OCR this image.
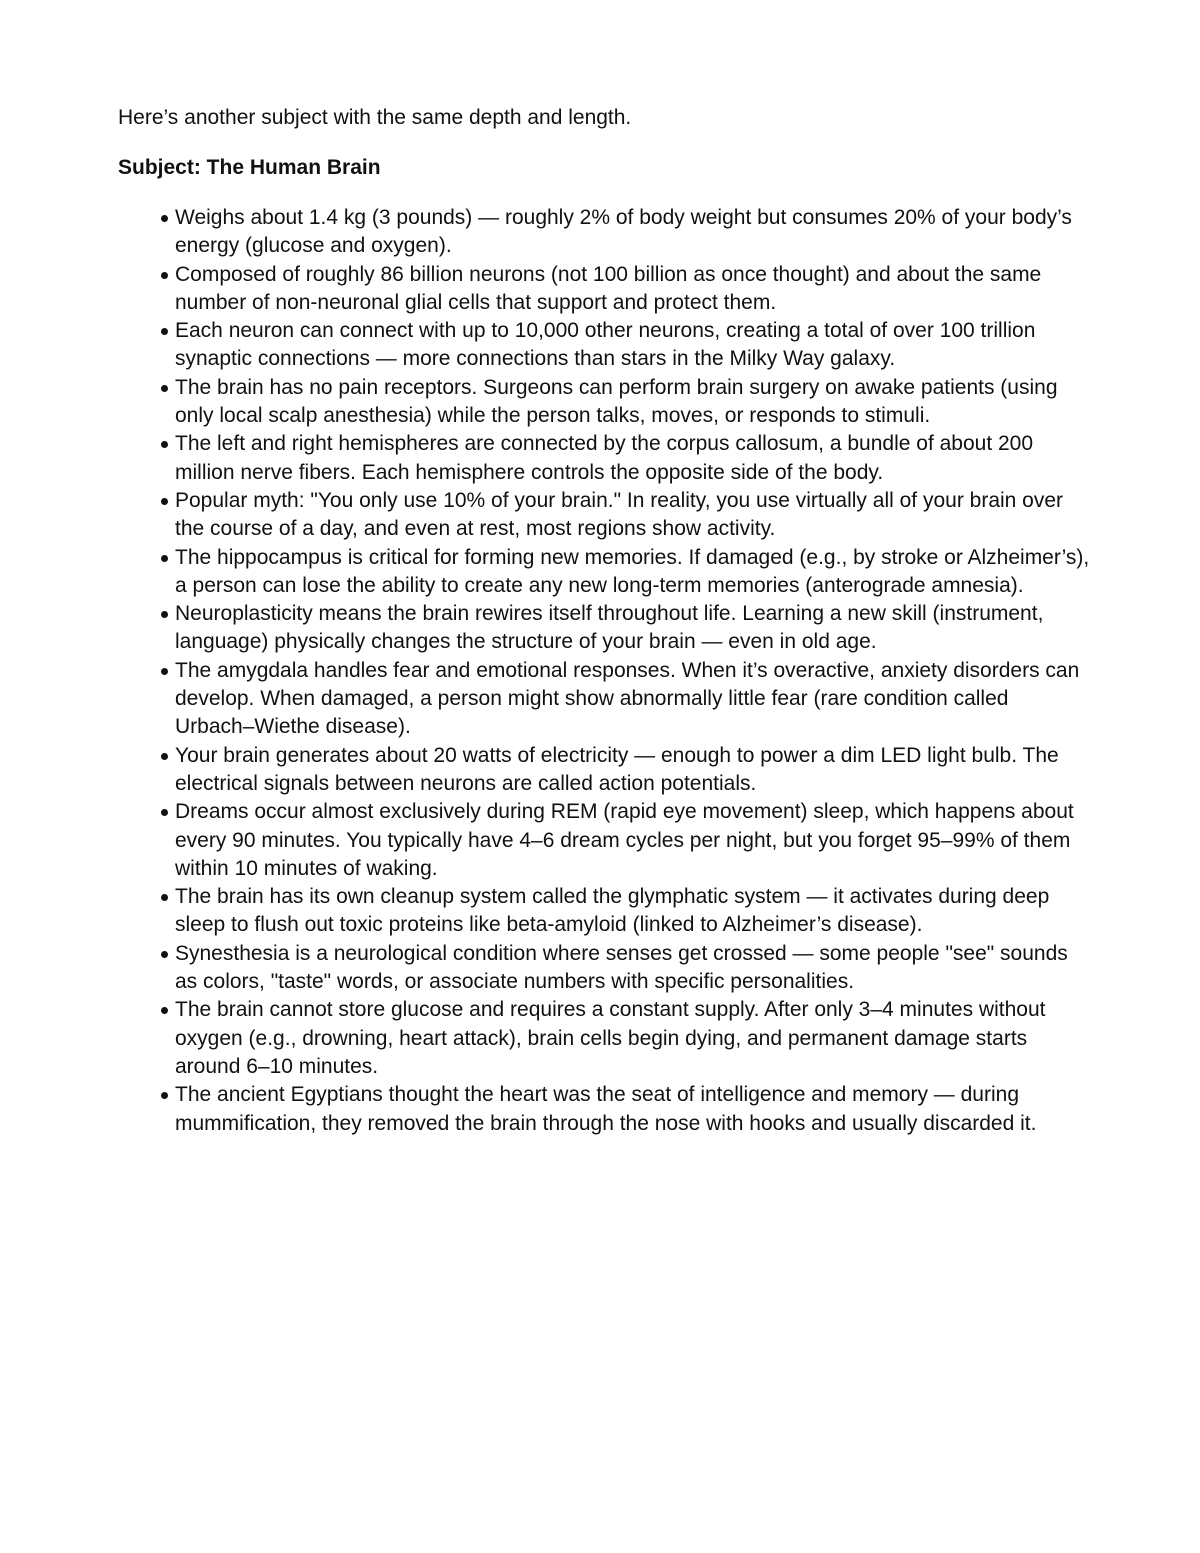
Here’s another subject with the same depth and length.

Subject: The Human Brain

Weighs about 1.4 kg (3 pounds) — roughly 2% of body weight but consumes 20% of your body’s energy (glucose and oxygen).
Composed of roughly 86 billion neurons (not 100 billion as once thought) and about the same number of non-neuronal glial cells that support and protect them.
Each neuron can connect with up to 10,000 other neurons, creating a total of over 100 trillion synaptic connections — more connections than stars in the Milky Way galaxy.
The brain has no pain receptors. Surgeons can perform brain surgery on awake patients (using only local scalp anesthesia) while the person talks, moves, or responds to stimuli.
The left and right hemispheres are connected by the corpus callosum, a bundle of about 200 million nerve fibers. Each hemisphere controls the opposite side of the body.
Popular myth: "You only use 10% of your brain." In reality, you use virtually all of your brain over the course of a day, and even at rest, most regions show activity.
The hippocampus is critical for forming new memories. If damaged (e.g., by stroke or Alzheimer’s), a person can lose the ability to create any new long-term memories (anterograde amnesia).
Neuroplasticity means the brain rewires itself throughout life. Learning a new skill (instrument, language) physically changes the structure of your brain — even in old age.
The amygdala handles fear and emotional responses. When it’s overactive, anxiety disorders can develop. When damaged, a person might show abnormally little fear (rare condition called Urbach–Wiethe disease).
Your brain generates about 20 watts of electricity — enough to power a dim LED light bulb. The electrical signals between neurons are called action potentials.
Dreams occur almost exclusively during REM (rapid eye movement) sleep, which happens about every 90 minutes. You typically have 4–6 dream cycles per night, but you forget 95–99% of them within 10 minutes of waking.
The brain has its own cleanup system called the glymphatic system — it activates during deep sleep to flush out toxic proteins like beta-amyloid (linked to Alzheimer’s disease).
Synesthesia is a neurological condition where senses get crossed — some people "see" sounds as colors, "taste" words, or associate numbers with specific personalities.
The brain cannot store glucose and requires a constant supply. After only 3–4 minutes without oxygen (e.g., drowning, heart attack), brain cells begin dying, and permanent damage starts around 6–10 minutes.
The ancient Egyptians thought the heart was the seat of intelligence and memory — during mummification, they removed the brain through the nose with hooks and usually discarded it.
